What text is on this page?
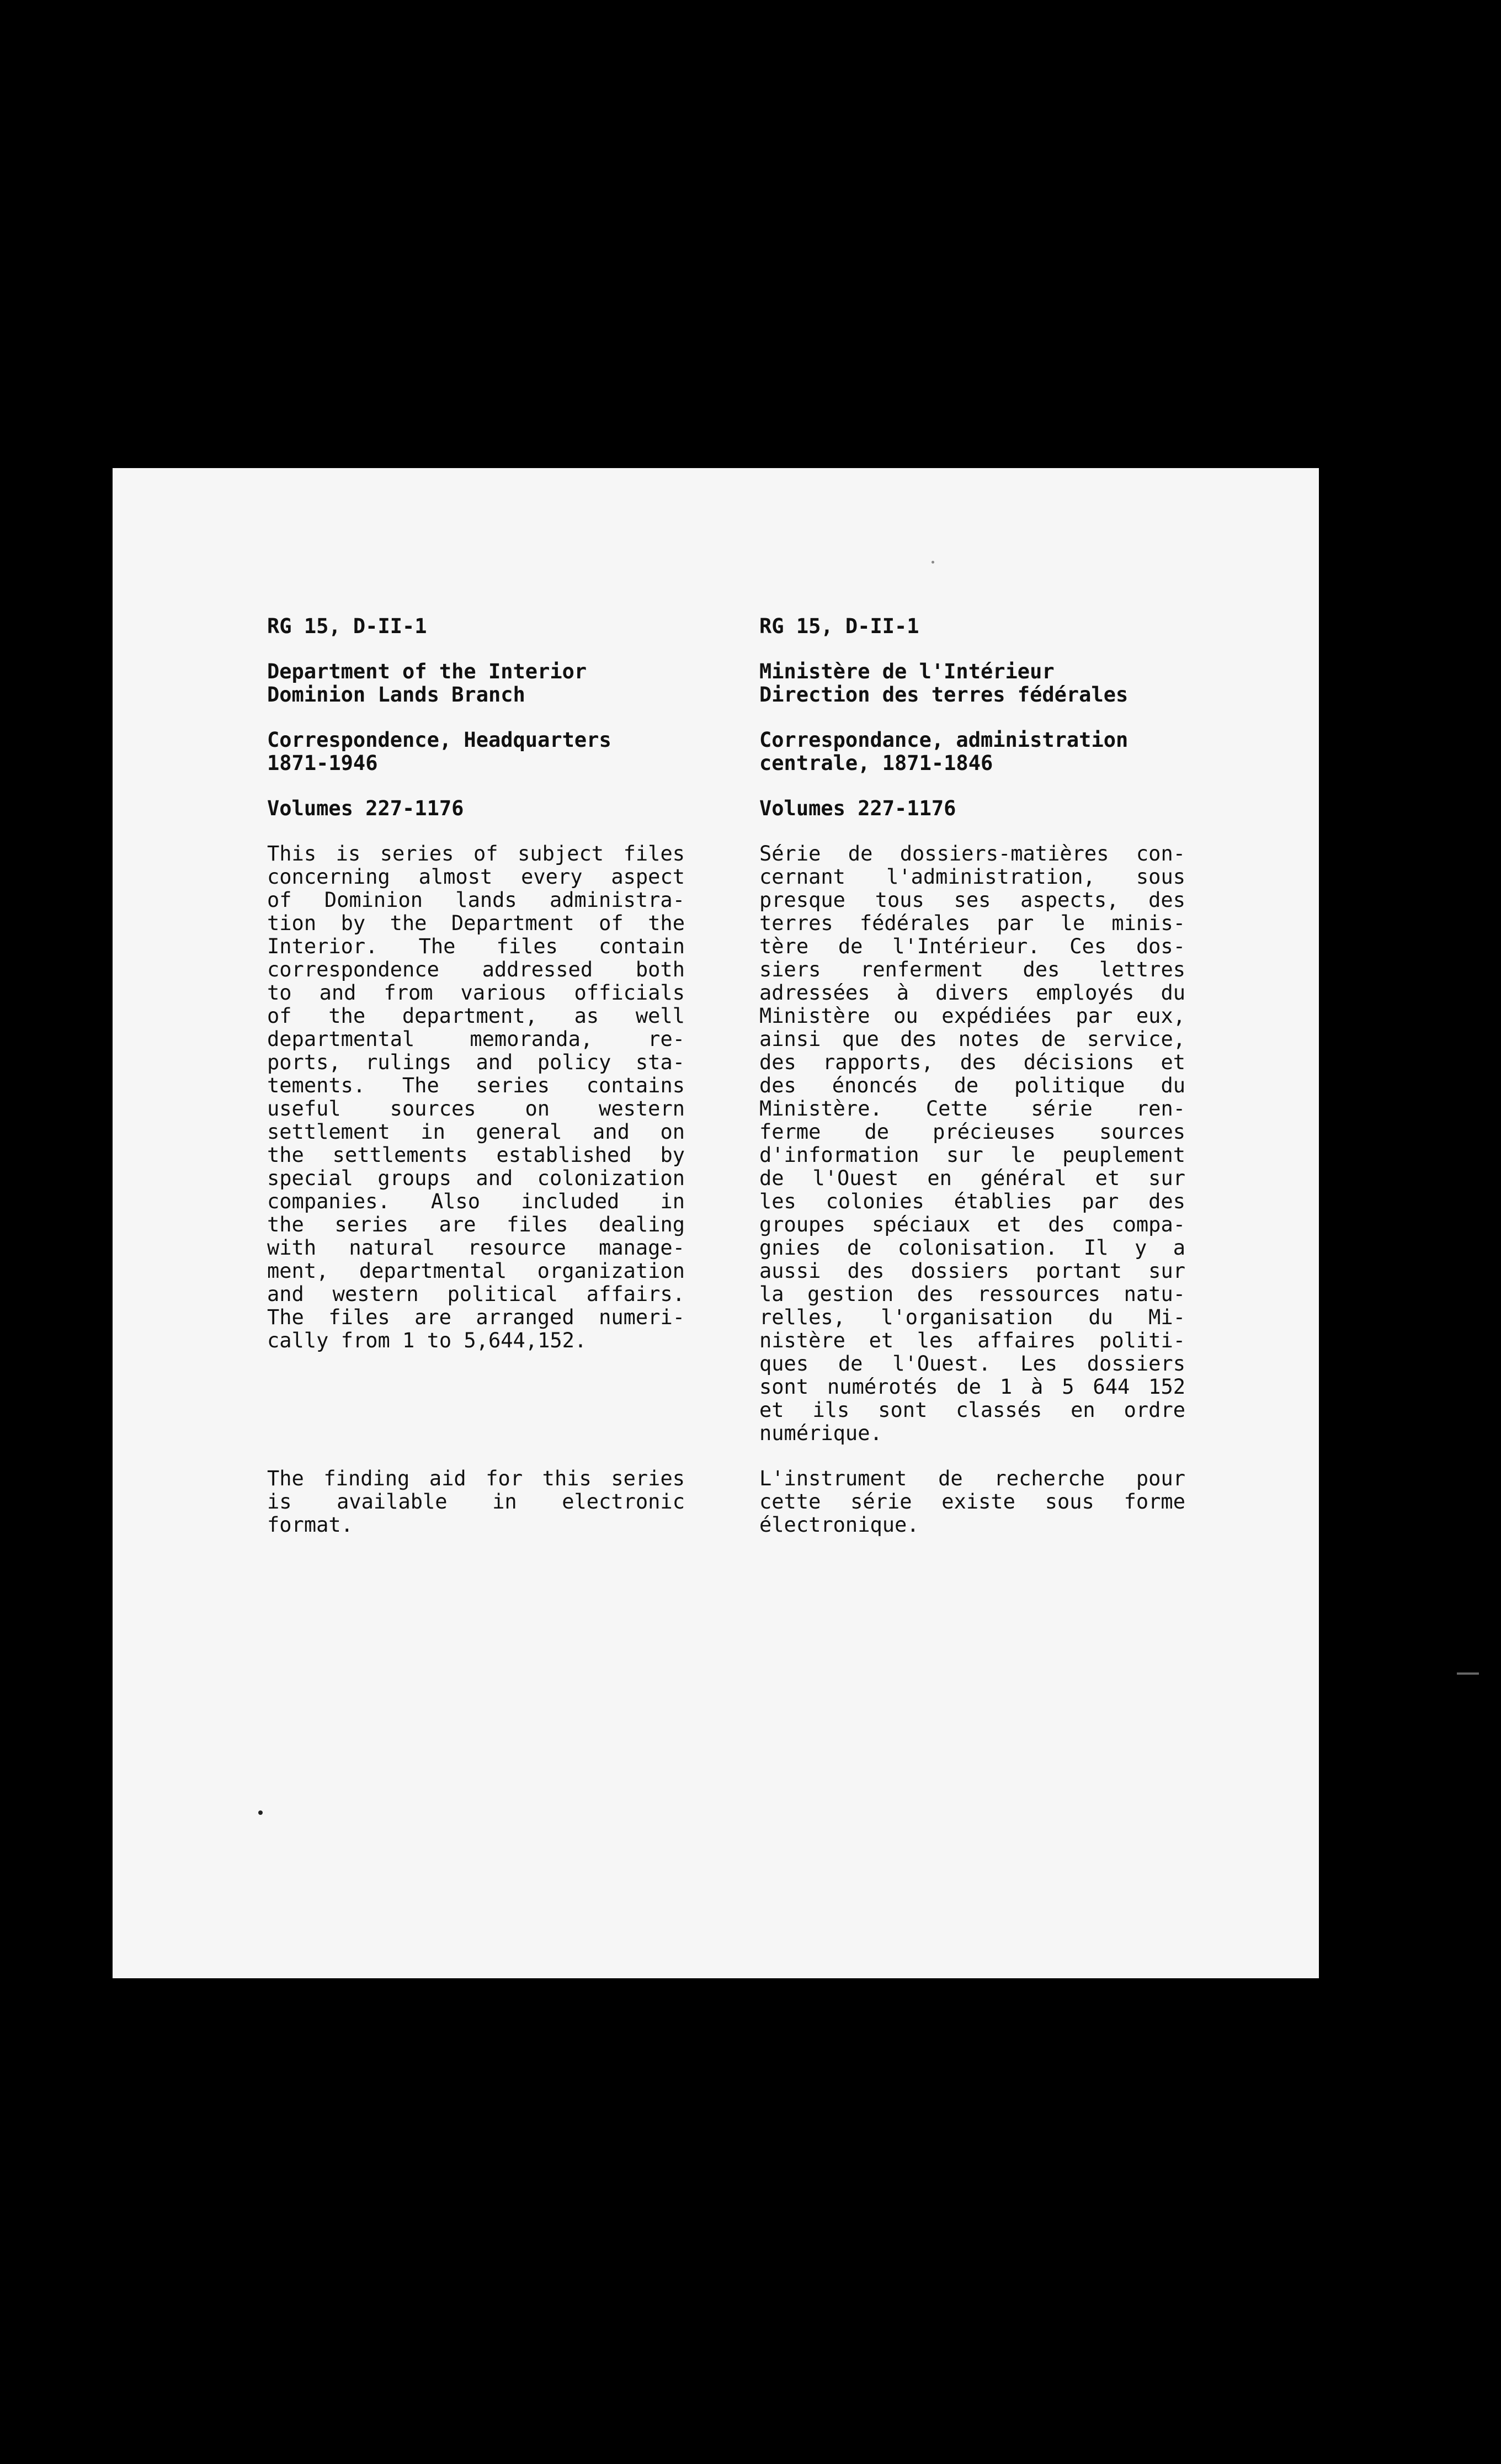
RG 15, D-II-1
Department of the Interior
Dominion Lands Branch
Correspondence, Headquarters
1871-1946
Volumes 227-1176
This is series of subject files
concerning almost every aspect
of Dominion lands administra-
tion by the Department of the
Interior. The files contain
correspondence addressed both
to and from various officials
of the department, as well
departmental memoranda, re-
ports, rulings and policy sta-
tements. The series contains
useful sources on western
settlement in general and on
the settlements established by
special groups and colonization
companies. Also included in
the series are files dealing
with natural resource manage-
ment, departmental organization
and western political affairs.
The files are arranged numeri-
cally from 1 to 5,644,152.
The finding aid for this series
is available in electronic
format.
RG 15, D-II-1
Ministère de l'Intérieur
Direction des terres fédérales
Correspondance, administration
centrale, 1871-1846
Volumes 227-1176
Série de dossiers-matières con-
cernant l'administration, sous
presque tous ses aspects, des
terres fédérales par le minis-
tère de l'Intérieur. Ces dos-
siers renferment des lettres
adressées à divers employés du
Ministère ou expédiées par eux,
ainsi que des notes de service,
des rapports, des décisions et
des énoncés de politique du
Ministère. Cette série ren-
ferme de précieuses sources
d'information sur le peuplement
de l'Ouest en général et sur
les colonies établies par des
groupes spéciaux et des compa-
gnies de colonisation. Il y a
aussi des dossiers portant sur
la gestion des ressources natu-
relles, l'organisation du Mi-
nistère et les affaires politi-
ques de l'Ouest. Les dossiers
sont numérotés de 1 à 5 644 152
et ils sont classés en ordre
numérique.
L'instrument de recherche pour
cette série existe sous forme
électronique.
